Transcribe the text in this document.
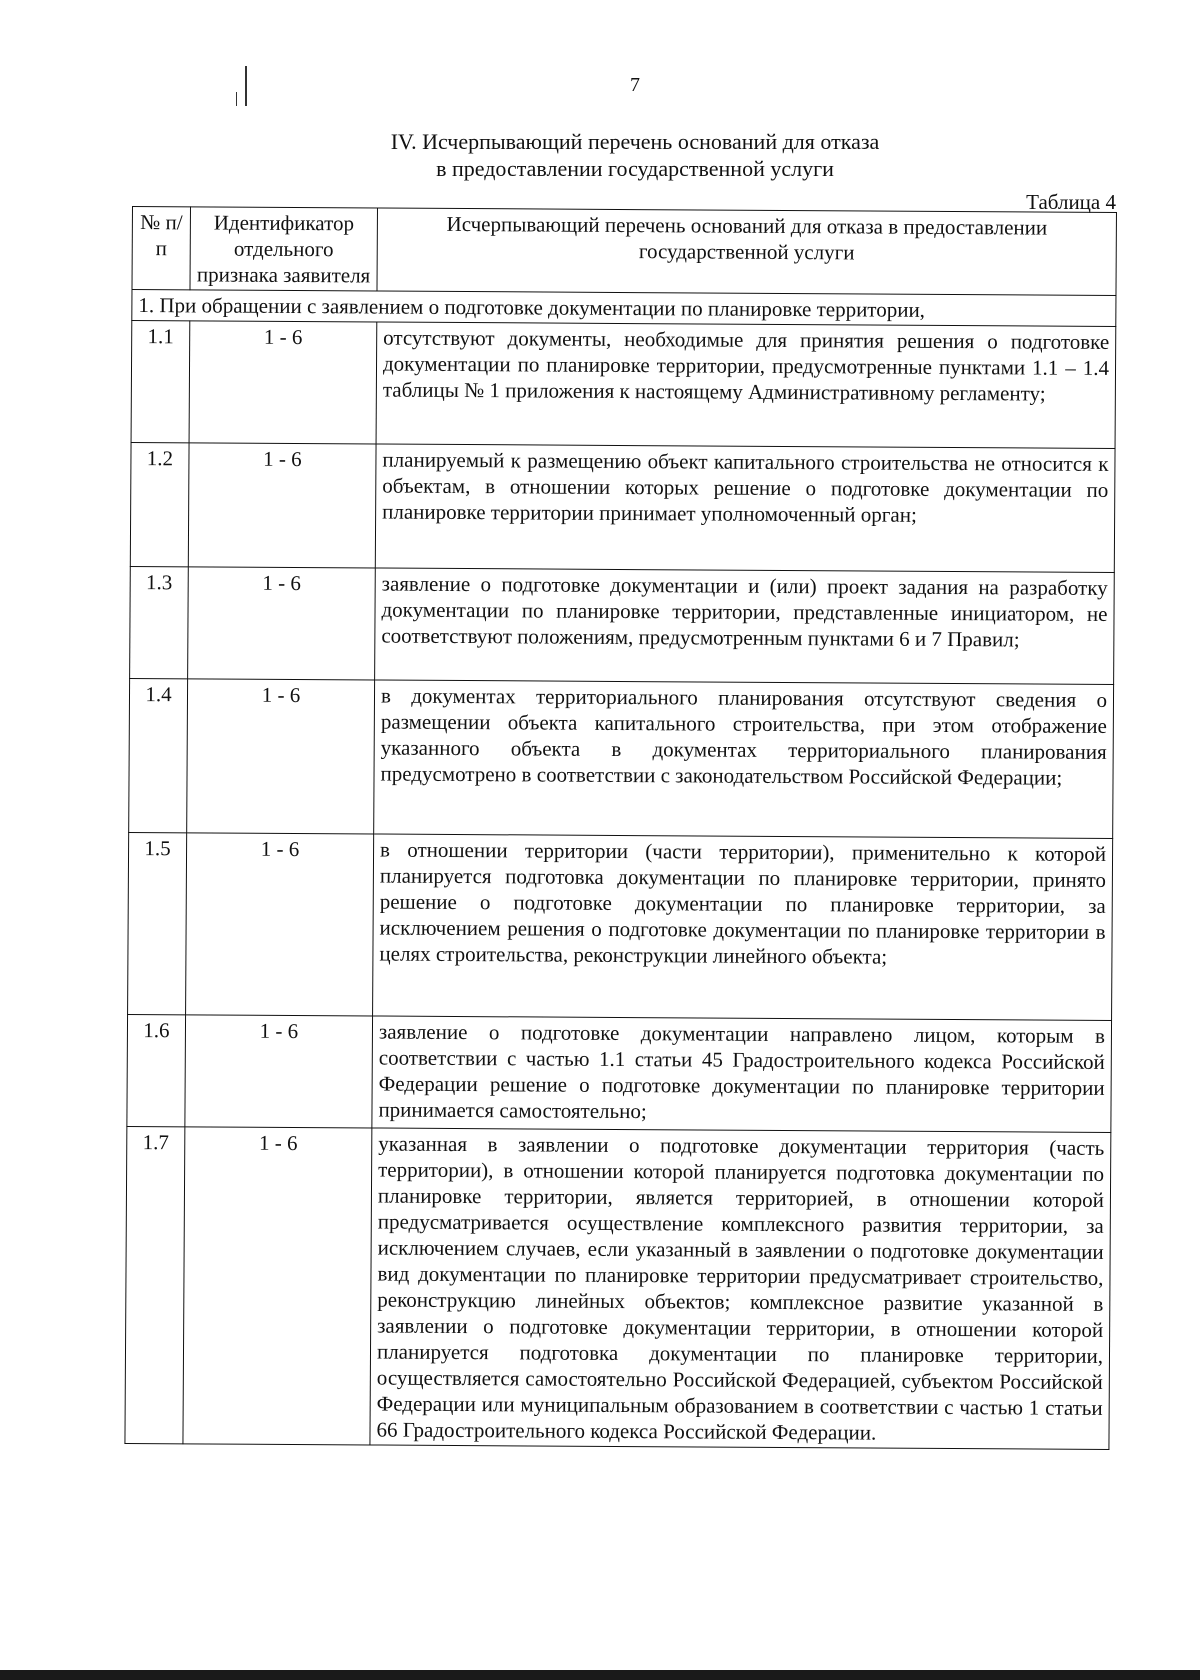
7
IV. Исчерпывающий перечень оснований для отказа
в предоставлении государственной услуги
Таблица 4
№ п/п	Идентификатор отдельного признака заявителя	Исчерпывающий перечень оснований для отказа в предоставлении государственной услуги
1. При обращении с заявлением о подготовке документации по планировке территории,		
1.1	1 - 6	отсутствуют документы, необходимые для принятия решения о подготовке документации по планировке территории, предусмотренные пунктами 1.1 – 1.4 таблицы № 1 приложения к настоящему Административному регламенту;
1.2	1 - 6	планируемый к размещению объект капитального строительства не относится к объектам, в отношении которых решение о подготовке документации по планировке территории принимает уполномоченный орган;
1.3	1 - 6	заявление о подготовке документации и (или) проект задания на разработку документации по планировке территории, представленные инициатором, не соответствуют положениям, предусмотренным пунктами 6 и 7 Правил;
1.4	1 - 6	в документах территориального планирования отсутствуют сведения о размещении объекта капитального строительства, при этом отображение указанного объекта в документах территориального планирования предусмотрено в соответствии с законодательством Российской Федерации;
1.5	1 - 6	в отношении территории (части территории), применительно к которой планируется подготовка документации по планировке территории, принято решение о подготовке документации по планировке территории, за исключением решения о подготовке документации по планировке территории в целях строительства, реконструкции линейного объекта;
1.6	1 - 6	заявление о подготовке документации направлено лицом, которым в соответствии с частью 1.1 статьи 45 Градостроительного кодекса Российской Федерации решение о подготовке документации по планировке территории принимается самостоятельно;
1.7	1 - 6	указанная в заявлении о подготовке документации территория (часть территории), в отношении которой планируется подготовка документации по планировке территории, является территорией, в отношении которой предусматривается осуществление комплексного развития территории, за исключением случаев, если указанный в заявлении о подготовке документации вид документации по планировке территории предусматривает строительство, реконструкцию линейных объектов; комплексное развитие указанной в заявлении о подготовке документации территории, в отношении которой планируется подготовка документации по планировке территории, осуществляется самостоятельно Российской Федерацией, субъектом Российской Федерации или муниципальным образованием в соответствии с частью 1 статьи 66 Градостроительного кодекса Российской Федерации.
